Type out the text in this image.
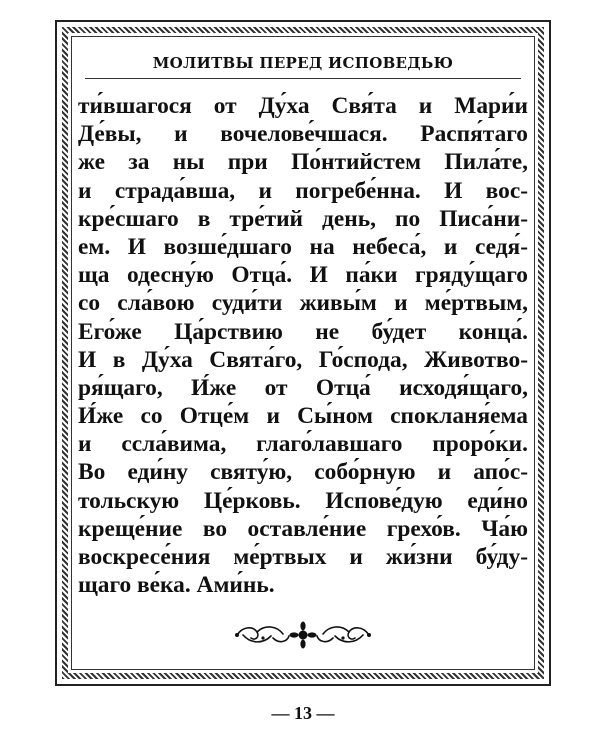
МОЛИТВЫ ПЕРЕД ИСПОВЕДЬЮ
ти́вшагося от Ду́ха Свя́та и Мари́и
Де́вы, и вочелове́чшася. Распя́таго
же за ны при По́нтийстем Пила́те,
и страда́вша, и погребе́нна. И вос-
кре́сшаго в тре́тий день, по Писа́ни-
ем. И возше́дшаго на небеса́, и седя́-
ща одесну́ю Отца́. И па́ки гряду́щаго
со сла́вою суди́ти живы́м и ме́ртвым,
Его́же Ца́рствию не бу́дет конца́.
И в Ду́ха Свята́го, Го́спода, Животво-
ря́щаго, И́же от Отца́ исходя́щаго,
И́же со Отце́м и Сы́ном спокланя́ема
и ссла́вима, глаго́лавшаго проро́ки.
Во еди́ну святу́ю, собо́рную и апо́с-
тольскую Це́рковь. Испове́дую еди́но
креще́ние во оставле́ние грехо́в. Ча́ю
воскресе́ния ме́ртвых и жи́зни бу́ду-
щаго ве́ка. Ами́нь.
— 13 —
